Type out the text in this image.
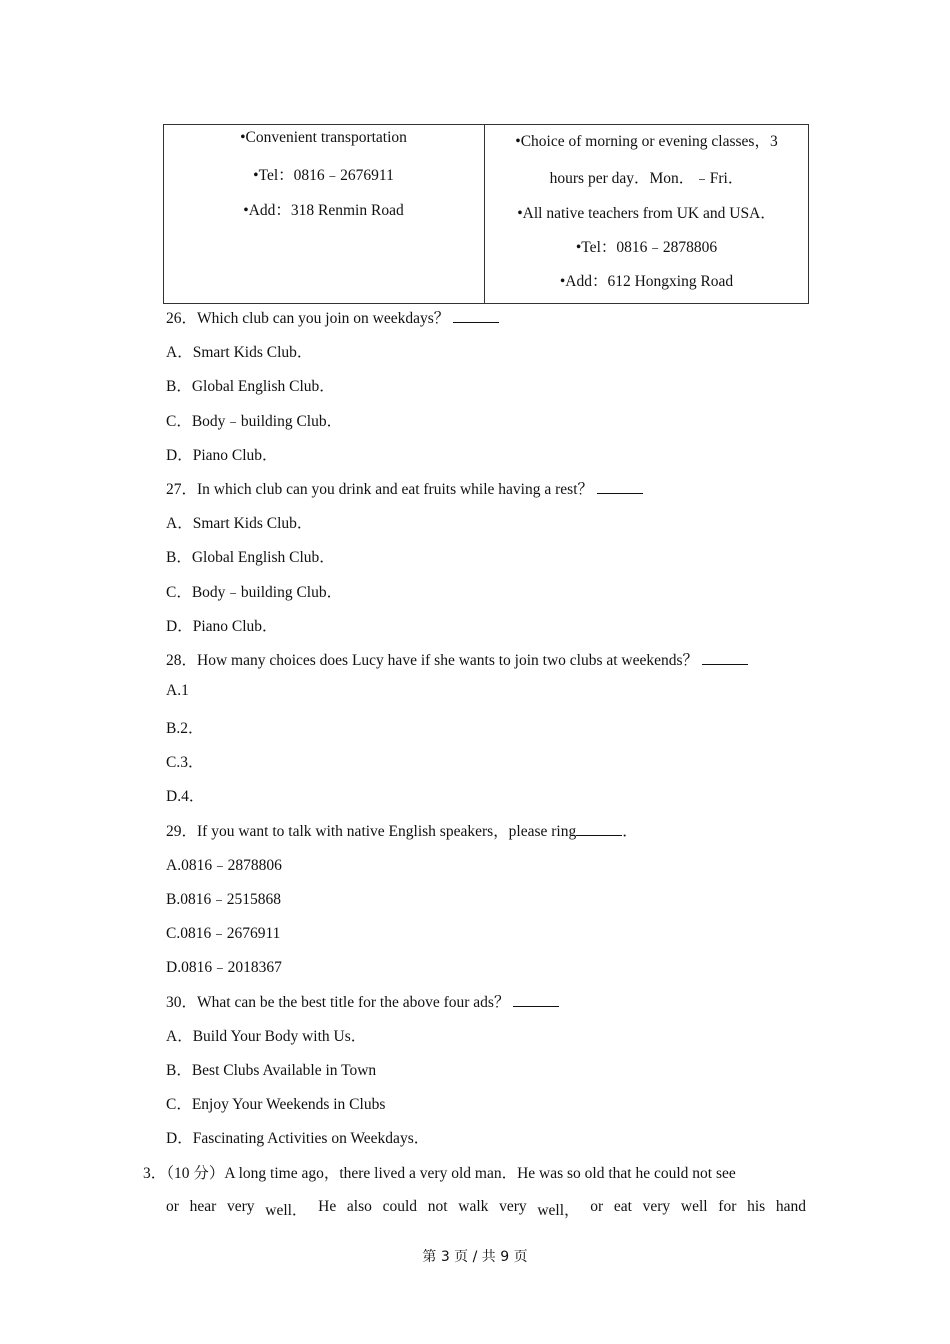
•Convenient transportation
•Tel：0816﹣2676911
•Add：318 Renmin Road
•Choice of morning or evening classes，3
hours per day．Mon．﹣Fri．
•All native teachers from UK and USA．
•Tel：0816﹣2878806
•Add：612 Hongxing Road
26．Which club can you join on weekdays？
A．Smart Kids Club．
B．Global English Club．
C．Body﹣building Club．
D．Piano Club．
27．In which club can you drink and eat fruits while having a rest？
A．Smart Kids Club．
B．Global English Club．
C．Body﹣building Club．
D．Piano Club．
28．How many choices does Lucy have if she wants to join two clubs at weekends？
A.1
B.2．
C.3．
D.4．
29．If you want to talk with native English speakers，please ring	．
A.0816﹣2878806
B.0816﹣2515868
C.0816﹣2676911
D.0816﹣2018367
30．What can be the best title for the above four ads？
A．Build Your Body with Us．
B．Best Clubs Available in Town
C．Enjoy Your Weekends in Clubs
D．Fascinating Activities on Weekdays．
3．（10 分）A long time ago，there lived a very old man．He was so old that he could not see
or hear very well． He also could not walk very well， or eat very well for his hand
第 3 页 / 共 9 页
